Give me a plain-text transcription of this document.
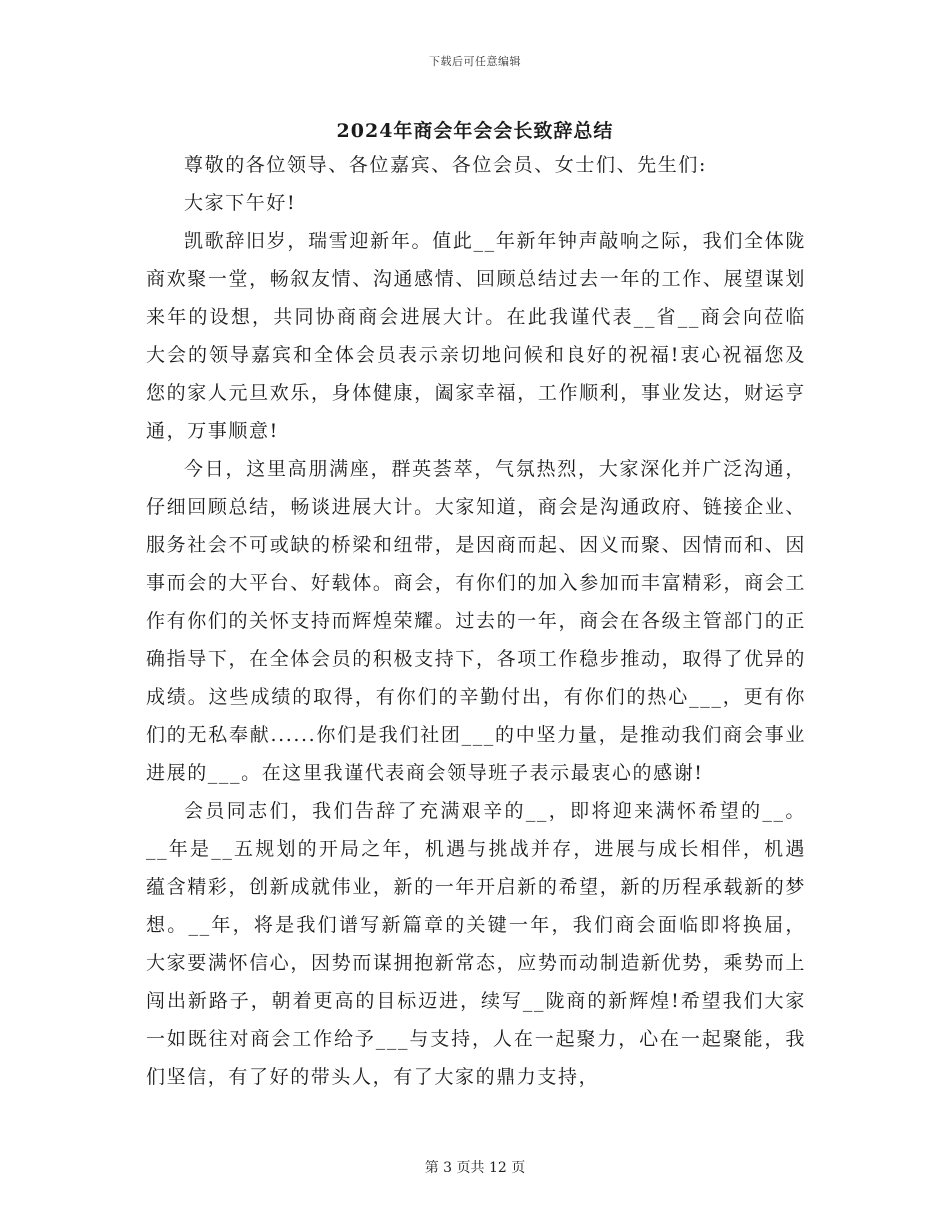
下载后可任意编辑
2024年商会年会会长致辞总结

尊敬的各位领导、各位嘉宾、各位会员、女士们、先生们:

大家下午好!

凯歌辞旧岁，瑞雪迎新年。值此__年新年钟声敲响之际，我们全体陇商欢聚一堂，畅叙友情、沟通感情、回顾总结过去一年的工作、展望谋划来年的设想，共同协商商会进展大计。在此我谨代表__省__商会向莅临大会的领导嘉宾和全体会员表示亲切地问候和良好的祝福!衷心祝福您及您的家人元旦欢乐，身体健康，阖家幸福，工作顺利，事业发达，财运亨通，万事顺意!

今日，这里高朋满座，群英荟萃，气氛热烈，大家深化并广泛沟通，仔细回顾总结，畅谈进展大计。大家知道，商会是沟通政府、链接企业、服务社会不可或缺的桥梁和纽带，是因商而起、因义而聚、因情而和、因事而会的大平台、好载体。商会，有你们的加入参加而丰富精彩，商会工作有你们的关怀支持而辉煌荣耀。过去的一年，商会在各级主管部门的正确指导下，在全体会员的积极支持下，各项工作稳步推动，取得了优异的成绩。这些成绩的取得，有你们的辛勤付出，有你们的热心___，更有你们的无私奉献......你们是我们社团___的中坚力量，是推动我们商会事业进展的___。在这里我谨代表商会领导班子表示最衷心的感谢!

会员同志们，我们告辞了充满艰辛的__，即将迎来满怀希望的__。__年是__五规划的开局之年，机遇与挑战并存，进展与成长相伴，机遇蕴含精彩，创新成就伟业，新的一年开启新的希望，新的历程承载新的梦想。__年，将是我们谱写新篇章的关键一年，我们商会面临即将换届，大家要满怀信心，因势而谋拥抱新常态，应势而动制造新优势，乘势而上闯出新路子，朝着更高的目标迈进，续写__陇商的新辉煌!希望我们大家一如既往对商会工作给予___与支持，人在一起聚力，心在一起聚能，我们坚信，有了好的带头人，有了大家的鼎力支持，

第 3 页共 12 页
